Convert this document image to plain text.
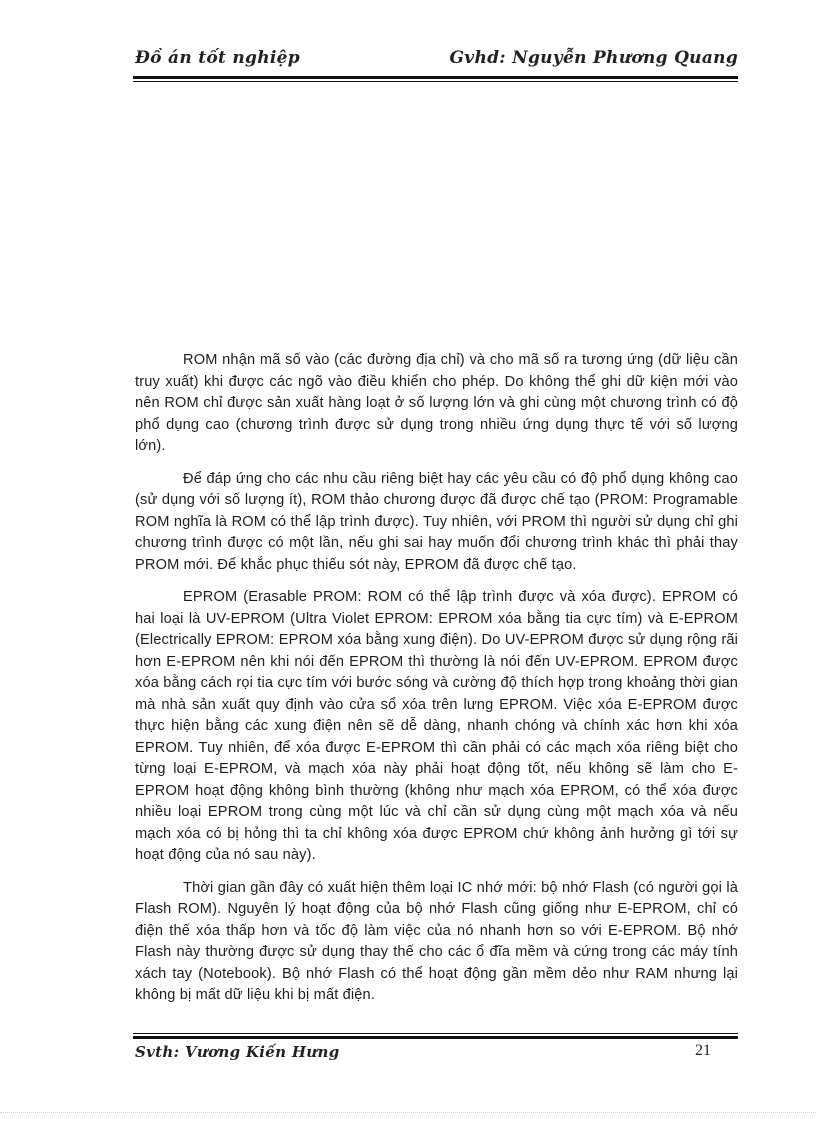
Đồ án tốt nghiệp	Gvhd: Nguyễn Phương Quang

ROM nhận mã số vào (các đường địa chỉ) và cho mã số ra tương ứng (dữ liệu cần truy xuất) khi được các ngõ vào điều khiển cho phép. Do không thể ghi dữ kiện mới vào nên ROM chỉ được sản xuất hàng loạt ở số lượng lớn và ghi cùng một chương trình có độ phổ dụng cao (chương trình được sử dụng trong nhiều ứng dụng thực tế với số lượng lớn).

Để đáp ứng cho các nhu cầu riêng biệt hay các yêu cầu có độ phổ dụng không cao (sử dụng với số lượng ít), ROM thảo chương được đã được chế tạo (PROM: Programable ROM nghĩa là ROM có thể lập trình được). Tuy nhiên, với PROM thì người sử dụng chỉ ghi chương trình được có một lần, nếu ghi sai hay muốn đổi chương trình khác thì phải thay PROM mới. Để khắc phục thiếu sót này, EPROM đã được chế tạo.

EPROM (Erasable PROM: ROM có thể lập trình được và xóa được). EPROM có hai loại là UV-EPROM (Ultra Violet EPROM: EPROM xóa bằng tia cực tím) và E-EPROM (Electrically EPROM: EPROM xóa bằng xung điện). Do UV-EPROM được sử dụng rộng rãi hơn E-EPROM nên khi nói đến EPROM thì thường là nói đến UV-EPROM. EPROM được xóa bằng cách rọi tia cực tím với bước sóng và cường độ thích hợp trong khoảng thời gian mà nhà sản xuất quy định vào cửa sổ xóa trên lưng EPROM. Việc xóa E-EPROM được thực hiện bằng các xung điện nên sẽ dễ dàng, nhanh chóng và chính xác hơn khi xóa EPROM. Tuy nhiên, để xóa được E-EPROM thì cần phải có các mạch xóa riêng biệt cho từng loại E-EPROM, và mạch xóa này phải hoạt động tốt, nếu không sẽ làm cho E-EPROM hoạt động không bình thường (không như mạch xóa EPROM, có thể xóa được nhiều loại EPROM trong cùng một lúc và chỉ cần sử dụng cùng một mạch xóa và nếu mạch xóa có bị hỏng thì ta chỉ không xóa được EPROM chứ không ảnh hưởng gì tới sự hoạt động của nó sau này).

Thời gian gần đây có xuất hiện thêm loại IC nhớ mới: bộ nhớ Flash (có người gọi là Flash ROM). Nguyên lý hoạt động của bộ nhớ Flash cũng giống như E-EPROM, chỉ có điện thế xóa thấp hơn và tốc độ làm việc của nó nhanh hơn so với E-EPROM. Bộ nhớ Flash này thường được sử dụng thay thế cho các ổ đĩa mềm và cứng trong các máy tính xách tay (Notebook). Bộ nhớ Flash có thể hoạt động gần mềm dẻo như RAM nhưng lại không bị mất dữ liệu khi bị mất điện.

Svth: Vương Kiến Hưng	21
